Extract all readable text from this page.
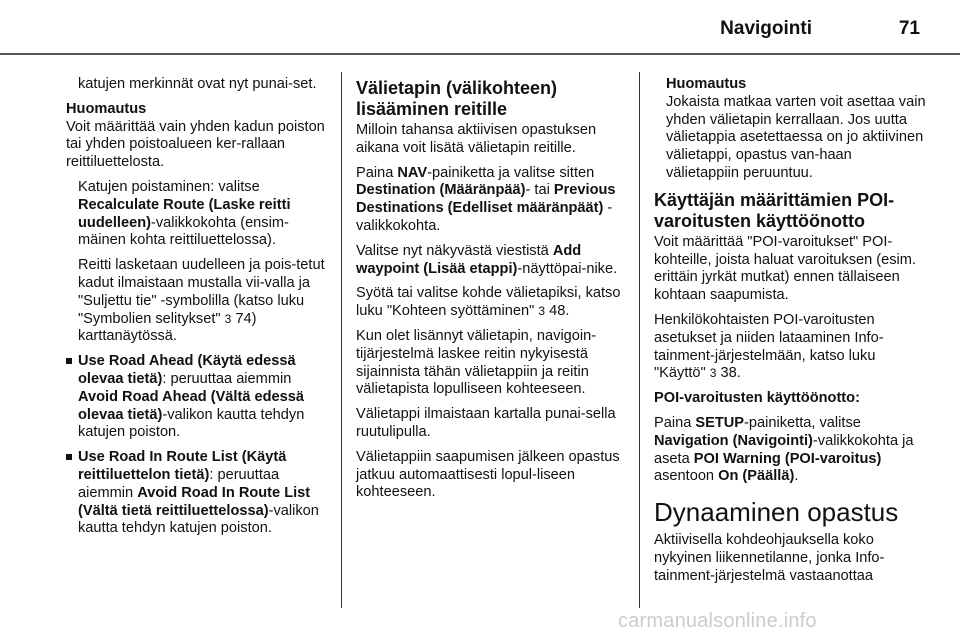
Navigointi	71

katujen merkinnät ovat nyt punai-set.

Huomautus

Voit määrittää vain yhden kadun poiston tai yhden poistoalueen ker-rallaan reittiluettelosta.

Katujen poistaminen: valitse Recalculate Route (Laske reitti uudelleen)-valikkokohta (ensim-mäinen kohta reittiluettelossa).

Reitti lasketaan uudelleen ja pois-tetut kadut ilmaistaan mustalla vii-valla ja "Suljettu tie" -symbolilla (katso luku "Symbolien selitykset" 3 74) karttanäytössä.

Use Road Ahead (Käytä edessä olevaa tietä): peruuttaa aiemmin Avoid Road Ahead (Vältä edessä olevaa tietä)-valikon kautta tehdyn katujen poiston.
Use Road In Route List (Käytä reittiluettelon tietä): peruuttaa aiemmin Avoid Road In Route List (Vältä tietä reittiluettelossa)-valikon kautta tehdyn katujen poiston.
Välietapin (välikohteen) lisääminen reitille

Milloin tahansa aktiivisen opastuksen aikana voit lisätä välietapin reitille.

Paina NAV-painiketta ja valitse sitten Destination (Määränpää)- tai Previous Destinations (Edelliset määränpäät) -valikkokohta.

Valitse nyt näkyvästä viestistä Add waypoint (Lisää etappi)-näyttöpai-nike.

Syötä tai valitse kohde välietapiksi, katso luku "Kohteen syöttäminen" 3 48.

Kun olet lisännyt välietapin, navigoin-tijärjestelmä laskee reitin nykyisestä sijainnista tähän välietappiin ja reitin välietapista lopulliseen kohteeseen.

Välietappi ilmaistaan kartalla punai-sella ruutulipulla.

Välietappiin saapumisen jälkeen opastus jatkuu automaattisesti lopul-liseen kohteeseen.

Huomautus

Jokaista matkaa varten voit asettaa vain yhden välietapin kerrallaan. Jos uutta välietappia asetettaessa on jo aktiivinen välietappi, opastus van-haan välietappiin peruuntuu.

Käyttäjän määrittämien POI-varoitusten käyttöönotto

Voit määrittää "POI-varoitukset" POI-kohteille, joista haluat varoituksen (esim. erittäin jyrkät mutkat) ennen tällaiseen kohtaan saapumista.

Henkilökohtaisten POI-varoitusten asetukset ja niiden lataaminen Info-tainment-järjestelmään, katso luku "Käyttö" 3 38.

POI-varoitusten käyttöönotto:

Paina SETUP-painiketta, valitse Navigation (Navigointi)-valikkokohta ja aseta POI Warning (POI-varoitus) asentoon On (Päällä).

Dynaaminen opastus

Aktiivisella kohdeohjauksella koko nykyinen liikennetilanne, jonka Info-tainment-järjestelmä vastaanottaa

carmanualsonline.info
